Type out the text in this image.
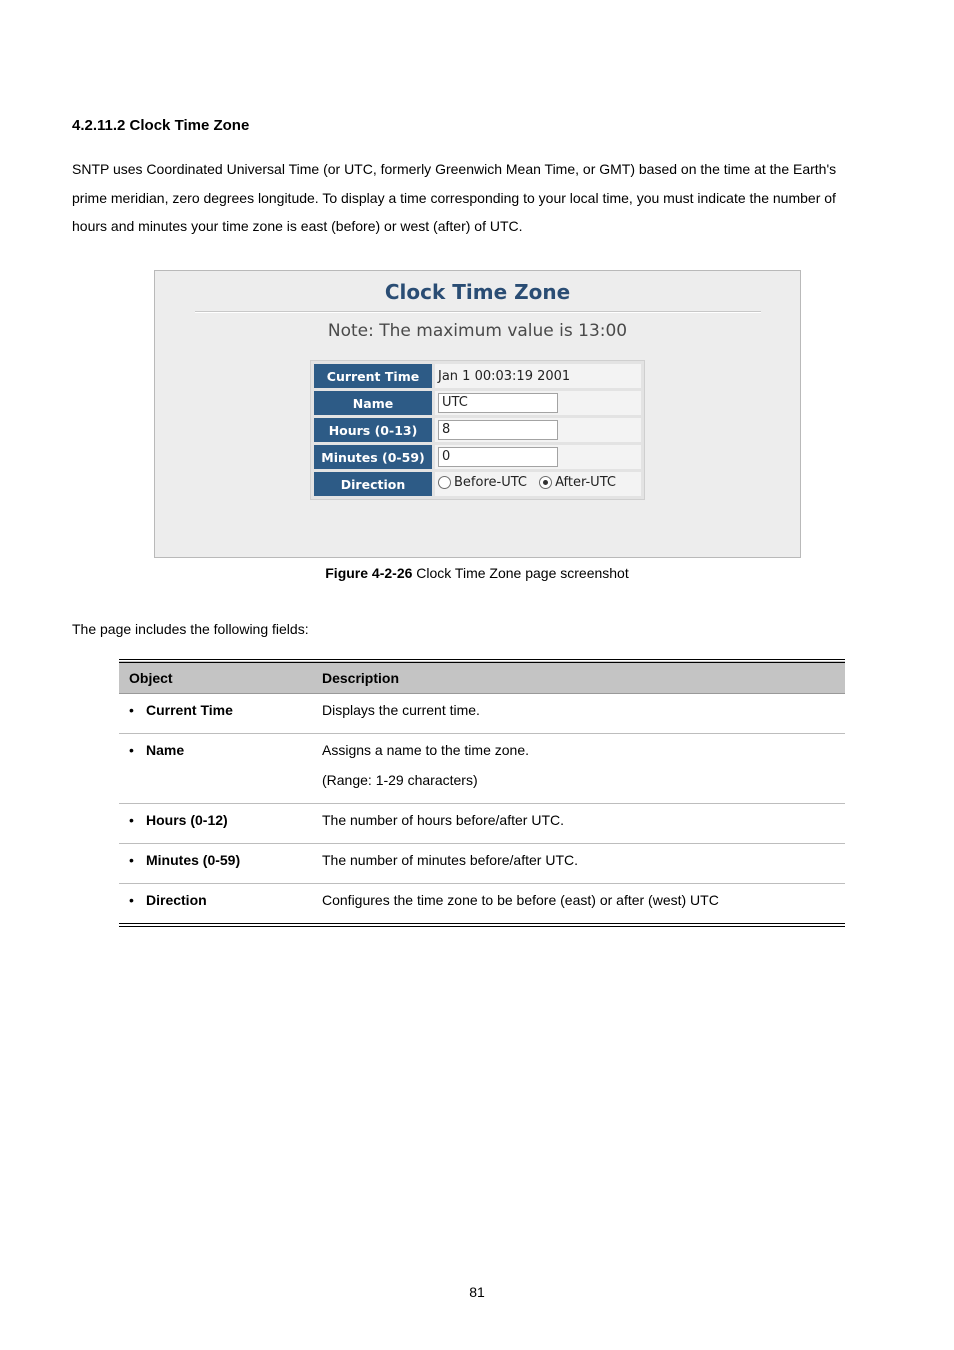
4.2.11.2 Clock Time Zone
SNTP uses Coordinated Universal Time (or UTC, formerly Greenwich Mean Time, or GMT) based on the time at the Earth's prime meridian, zero degrees longitude. To display a time corresponding to your local time, you must indicate the number of hours and minutes your time zone is east (before) or west (after) of UTC.
Clock Time Zone
Note: The maximum value is 13:00
Current Time	Jan 1 00:03:19 2001
Name	UTC
Hours (0-13)	8
Minutes (0-59)	0
Direction	Before-UTC
After-UTC
Figure 4-2-26 Clock Time Zone page screenshot
The page includes the following fields:
Object	Description
• Current Time	Displays the current time.

• Name	Assigns a name to the time zone.
(Range: 1-29 characters)

• Hours (0-12)	The number of hours before/after UTC.

• Minutes (0-59)	The number of minutes before/after UTC.

• Direction	Configures the time zone to be before (east) or after (west) UTC
81
